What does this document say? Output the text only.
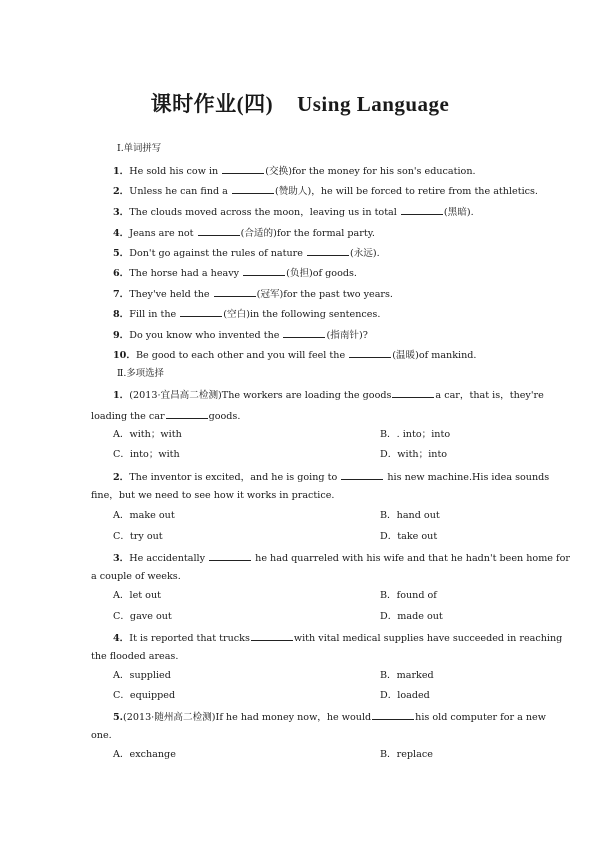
课时作业(四) Using Language
Ⅰ.单词拼写
1．He sold his cow in	(交换)for the money for his son's education.
2．Unless he can find a	(赞助人)，he will be forced to retire from the athletics.
3．The clouds moved across the moon，leaving us in total	(黑暗).
4．Jeans are not	(合适的)for the formal party.
5．Don't go against the rules of nature	(永远).
6．The horse had a heavy	(负担)of goods.
7．They've held the	(冠军)for the past two years.
8．Fill in the	(空白)in the following sentences.
9．Do you know who invented the	(指南针)?
10．Be good to each other and you will feel the	(温暖)of mankind.
Ⅱ.多项选择
1．(2013·宜昌高二检测)The workers are loading the goods	a car，that is，they're
loading the car	goods.
A．with；with	B．. into；into
C．into；with	D．with；into
2．The inventor is excited，and he is going to	his new machine.His idea sounds
fine，but we need to see how it works in practice.
A．make out	B．hand out
C．try out	D．take out
3．He accidentally	he had quarreled with his wife and that he hadn't been home for
a couple of weeks.
A．let out	B．found of
C．gave out	D．made out
4．It is reported that trucks	with vital medical supplies have succeeded in reaching
the flooded areas.
A．supplied	B．marked
C．equipped	D．loaded
5.(2013·随州高二检测)If he had money now，he would	his old computer for a new
one.
A．exchange	B．replace
